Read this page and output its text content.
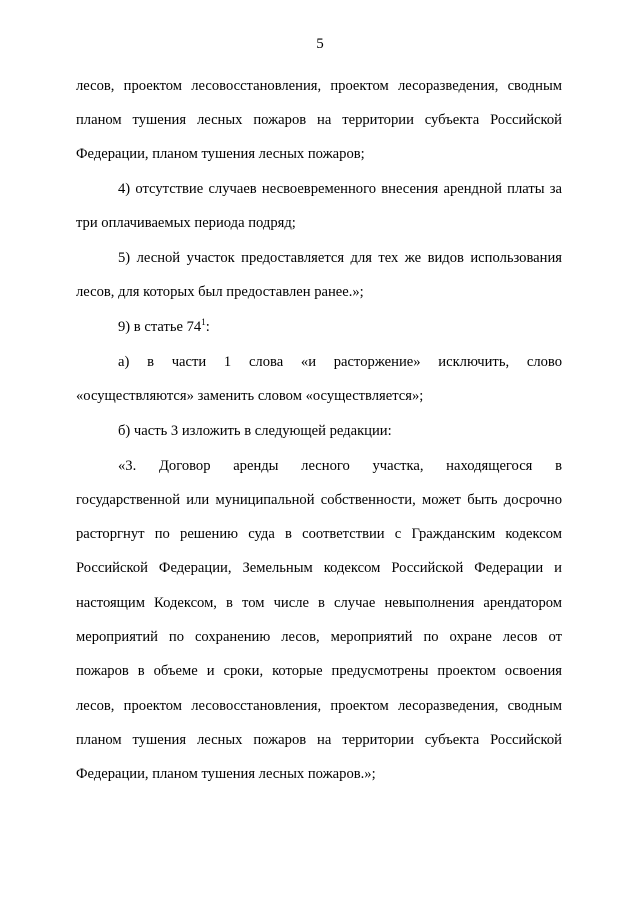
5
лесов, проектом лесовосстановления, проектом лесоразведения, сводным
планом тушения лесных пожаров на территории субъекта Российской
Федерации, планом тушения лесных пожаров;
4) отсутствие случаев несвоевременного внесения арендной платы за
три оплачиваемых периода подряд;
5) лесной участок предоставляется для тех же видов использования
лесов, для которых был предоставлен ранее.»;
9) в статье $74^1$:
а) в части 1 слова «и расторжение» исключить, слово
«осуществляются» заменить словом «осуществляется»;
б) часть 3 изложить в следующей редакции:
«3. Договор аренды лесного участка, находящегося в
государственной или муниципальной собственности, может быть досрочно
расторгнут по решению суда в соответствии с Гражданским кодексом
Российской Федерации, Земельным кодексом Российской Федерации и
настоящим Кодексом, в том числе в случае невыполнения арендатором
мероприятий по сохранению лесов, мероприятий по охране лесов от
пожаров в объеме и сроки, которые предусмотрены проектом освоения
лесов, проектом лесовосстановления, проектом лесоразведения, сводным
планом тушения лесных пожаров на территории субъекта Российской
Федерации, планом тушения лесных пожаров.»;
